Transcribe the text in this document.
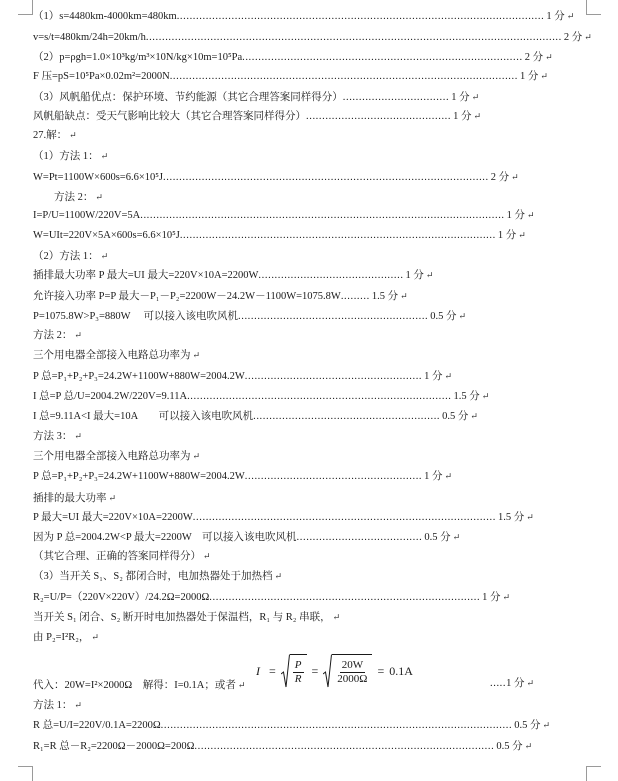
（1）s=4480km-4000km=480km .................................................................................................................. 1 分 ↵
v=s/t=480km/24h=20km/h ................................................................................................................................. 2 分 ↵
（2）p=ρgh=1.0×10³kg/m³×10N/kg×10m=10⁵Pa ....................................................................................... 2 分 ↵
F 压=pS=10⁵Pa×0.02m²=2000N ............................................................................................................ 1 分 ↵
（3）风帆船优点：保护环境、节约能源（其它合理答案同样得分） ................................. 1 分 ↵
风帆船缺点：受天气影响比较大（其它合理答案同样得分） ............................................. 1 分 ↵
27.解： ↵
（1）方法 1： ↵
W=Pt=1100W×600s=6.6×10⁵J ..................................................................................................... 2 分 ↵
　　方法 2： ↵
I=P/U=1100W/220V=5A ................................................................................................................. 1 分 ↵
W=UIt=220V×5A×600s=6.6×10⁵J .................................................................................................. 1 分 ↵
（2）方法 1： ↵
插排最大功率 P 最大=UI 最大=220V×10A=2200W ............................................. 1 分 ↵
允许接入功率 P=P 最大－P₁－P₂=2200W－24.2W－1100W=1075.8W ......... 1.5 分 ↵
P=1075.8W>P₃=880W　 可以接入该电吹风机 ........................................................... 0.5 分 ↵
方法 2： ↵
三个用电器全部接入电路总功率为 ↵
P 总=P₁+P₂+P₃=24.2W+1100W+880W=2004.2W ....................................................... 1 分 ↵
I 总=P 总/U=2004.2W/220V=9.11A .................................................................................. 1.5 分 ↵
I 总=9.11A<I 最大=10A　　可以接入该电吹风机 .......................................................... 0.5 分 ↵
方法 3： ↵
三个用电器全部接入电路总功率为 ↵
P 总=P₁+P₂+P₃=24.2W+1100W+880W=2004.2W ....................................................... 1 分 ↵
插排的最大功率 ↵
P 最大=UI 最大=220V×10A=2200W .............................................................................................. 1.5 分 ↵
因为 P 总=2004.2W<P 最大=2200W　可以接入该电吹风机 ....................................... 0.5 分 ↵
（其它合理、正确的答案同样得分） ↵
（3）当开关 S₁、S₂ 都闭合时，电加热器处于加热档 ↵
R₂=U/P=（220V×220V）/24.2Ω=2000Ω .................................................................................... 1 分 ↵
当开关 S₁ 闭合、S₂ 断开时电加热器处于保温档，R₁ 与 R₂ 串联， ↵
由 P₂=I²R₂， ↵
代入：20W=I²×2000Ω　解得：I=0.1A；或者 ↵
方法 1： ↵
R 总=U/I=220V/0.1A=2200Ω ............................................................................................................. 0.5 分 ↵
R₁=R 总－R₂=2200Ω－2000Ω=200Ω ............................................................................................. 0.5 分 ↵
$I = \frac{P}{R} = \frac{20W}{2000\Omega} = 0.1A$
..... 1 分 ↵
